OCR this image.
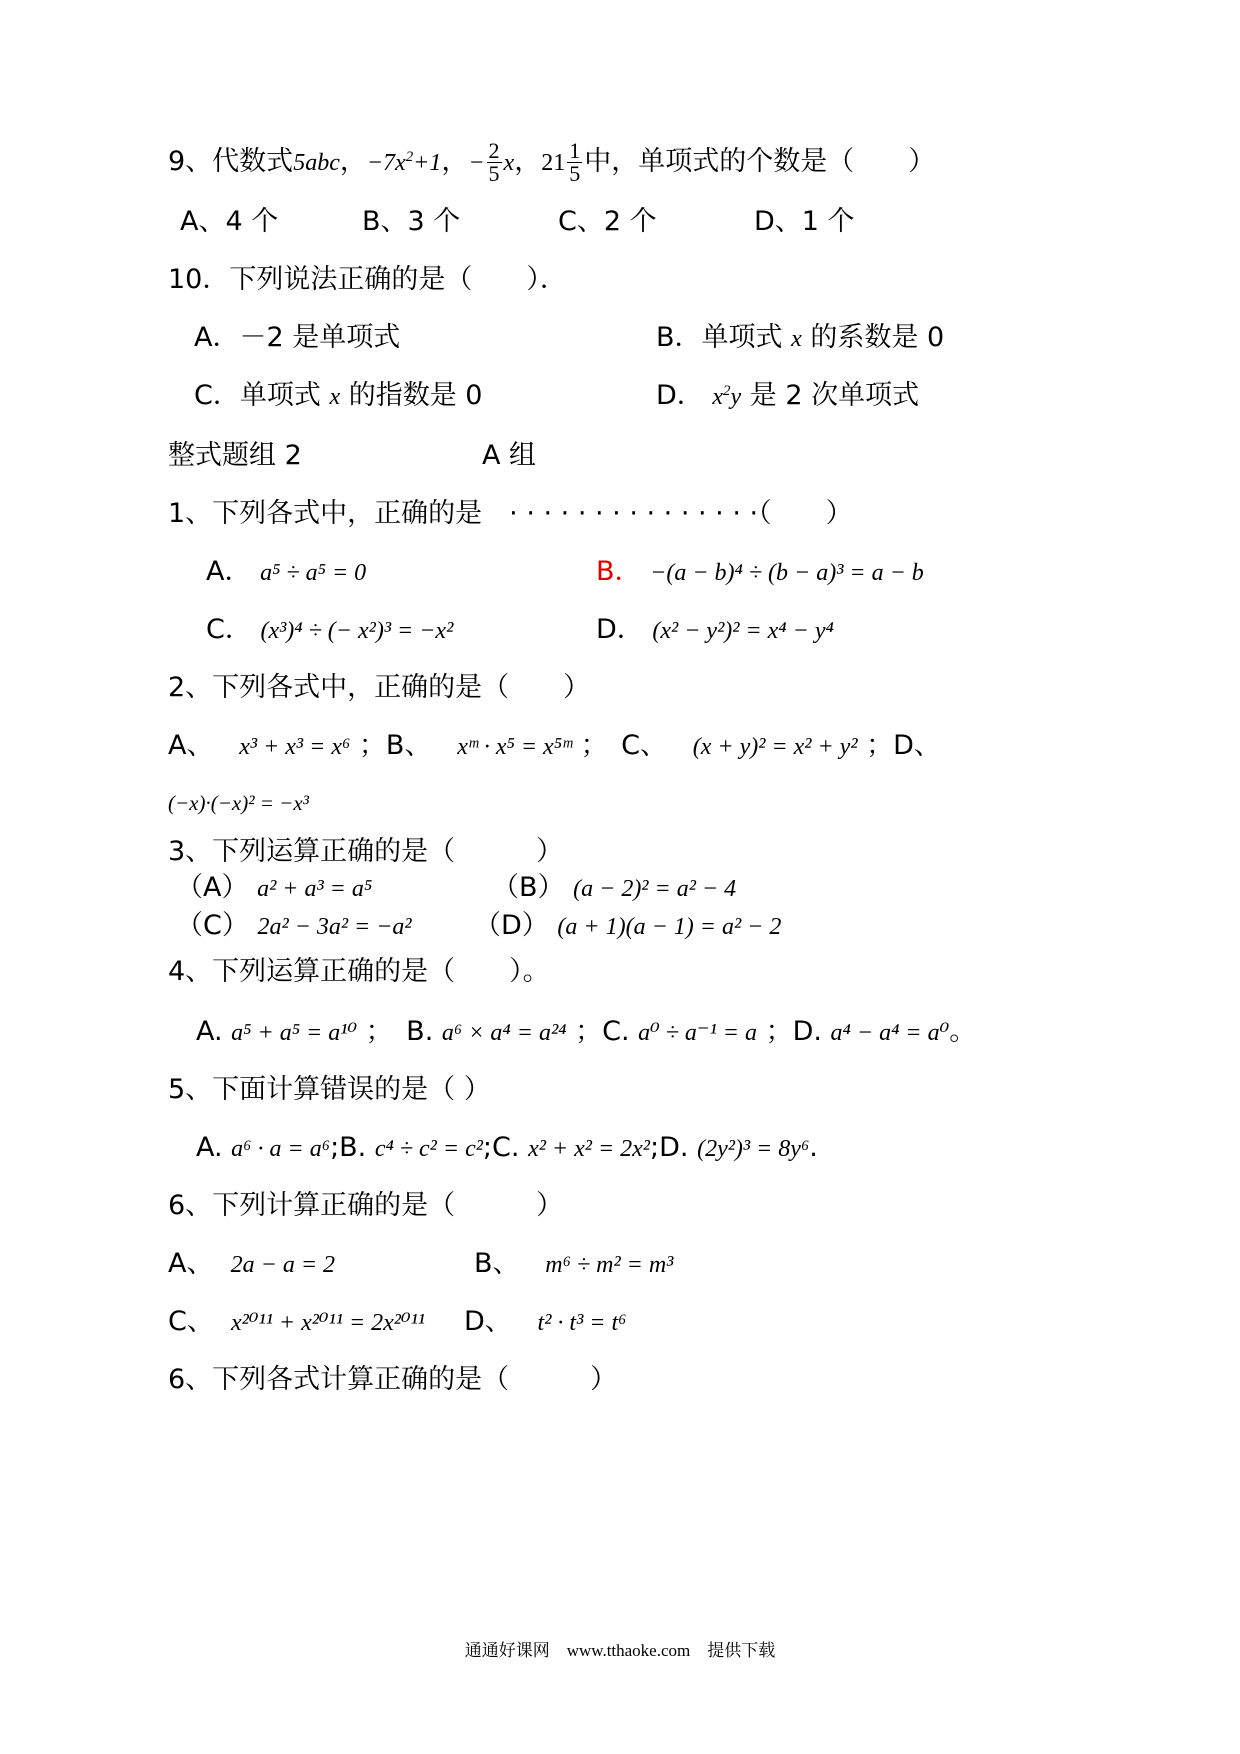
9、代数式5abc，$-7x^2+1$，− $\frac{2}{5}$ x，$21 \frac{1}{5}$ 中，单项式的个数是（　　）
A、4 个	B、3 个	C、2 个	D、1 个
10．下列说法正确的是（　　）．
A．－2 是单项式	B．单项式 x 的系数是 0
C．单项式 x 的指数是 0	D． $x^2y$ 是 2 次单项式
整式题组 2	A 组
1、下列各式中，正确的是　· · · · · · · · · · · · · · ·（　　）
A． a⁵ ÷ a⁵ = 0	B． −(a − b)⁴ ÷ (b − a)³ = a − b
C． (x³)⁴ ÷ (− x²)³ = −x²	D． (x² − y²)² = x⁴ − y⁴
2、下列各式中，正确的是（　　）
A、 x³ + x³ = x⁶ ；B、 xᵐ · x⁵ = x⁵ᵐ ；　C、 (x + y)² = x² + y² ；D、
(−x)·(−x)² = −x³
3、下列运算正确的是（　　　）
（A） a² + a³ = a⁵	（B） (a − 2)² = a² − 4
（C） 2a² − 3a² = −a² （D） (a + 1)(a − 1) = a² − 2
4、下列运算正确的是（　　）。
A. a⁵ + a⁵ = a¹⁰ ；　B. a⁶ × a⁴ = a²⁴ ；C. a⁰ ÷ a⁻¹ = a ；D. a⁴ − a⁴ = a⁰。
5、下面计算错误的是（ ）
A. a⁶ · a = a⁶;B. c⁴ ÷ c² = c²;C. x² + x² = 2x²;D. (2y²)³ = 8y⁶.
6、下列计算正确的是（　　　）
A、 2a − a = 2	B、 m⁶ ÷ m² = m³
C、 x²⁰¹¹ + x²⁰¹¹ = 2x²⁰¹¹ D、 t² · t³ = t⁶
6、下列各式计算正确的是（　　　）
通通好课网　www.tthaoke.com　提供下载
